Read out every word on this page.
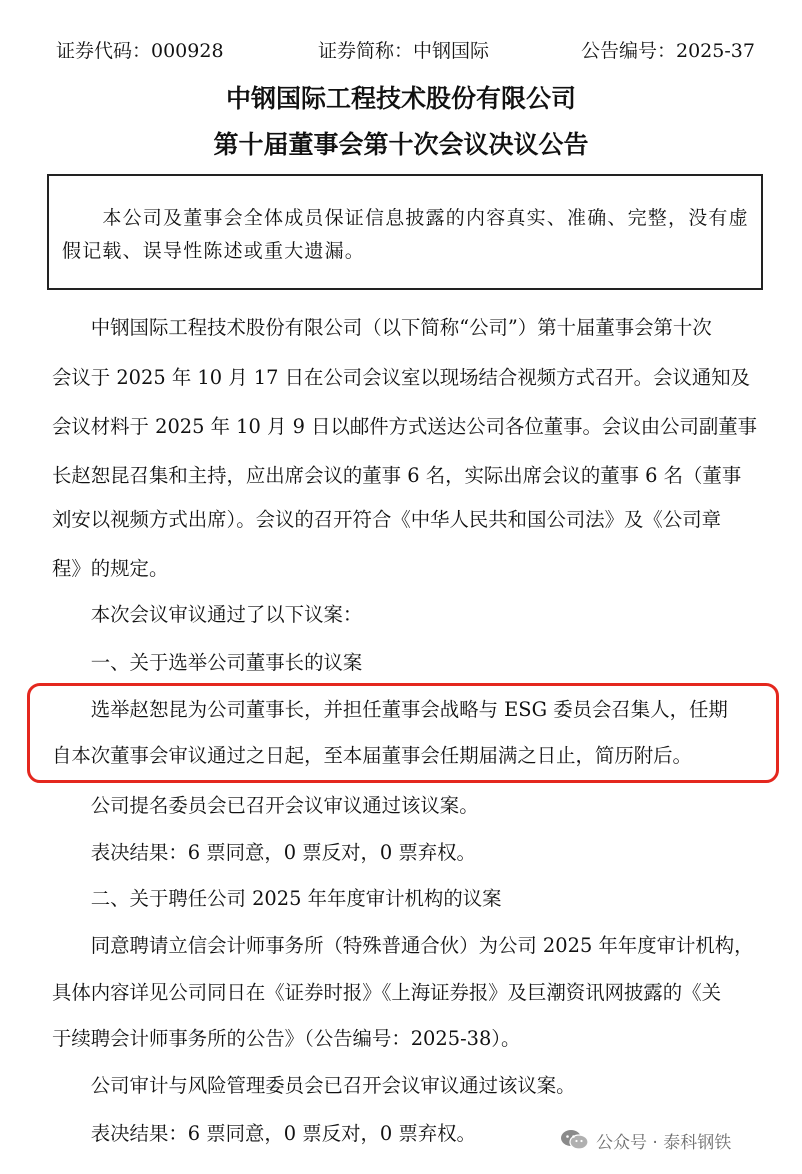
证券代码：000928	证券简称：中钢国际	公告编号：2025-37
中钢国际工程技术股份有限公司
第十届董事会第十次会议决议公告
　　本公司及董事会全体成员保证信息披露的内容真实、准确、完整，没有虚
假记载、误导性陈述或重大遗漏。
　　中钢国际工程技术股份有限公司（以下简称“公司”）第十届董事会第十次
会议于 2025 年 10 月 17 日在公司会议室以现场结合视频方式召开。会议通知及
会议材料于 2025 年 10 月 9 日以邮件方式送达公司各位董事。会议由公司副董事
长赵恕昆召集和主持，应出席会议的董事 6 名，实际出席会议的董事 6 名（董事
刘安以视频方式出席）。会议的召开符合《中华人民共和国公司法》及《公司章
程》的规定。
　　本次会议审议通过了以下议案：
　　一、关于选举公司董事长的议案
　　选举赵恕昆为公司董事长，并担任董事会战略与 ESG 委员会召集人，任期
自本次董事会审议通过之日起，至本届董事会任期届满之日止，简历附后。
　　公司提名委员会已召开会议审议通过该议案。
　　表决结果：6 票同意，0 票反对，0 票弃权。
　　二、关于聘任公司 2025 年年度审计机构的议案
　　同意聘请立信会计师事务所（特殊普通合伙）为公司 2025 年年度审计机构，
具体内容详见公司同日在《证券时报》《上海证券报》及巨潮资讯网披露的《关
于续聘会计师事务所的公告》（公告编号：2025-38）。
　　公司审计与风险管理委员会已召开会议审议通过该议案。
　　表决结果：6 票同意，0 票反对，0 票弃权。	公众号 · 泰科钢铁
